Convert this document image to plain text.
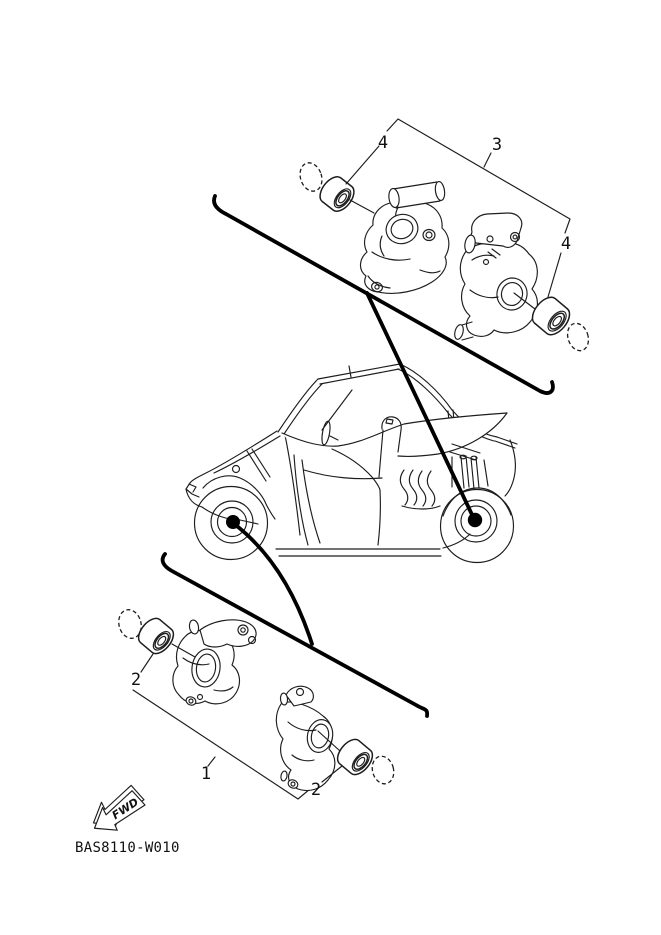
4	3
4
2
1
2
FWD
BAS8110-W010
